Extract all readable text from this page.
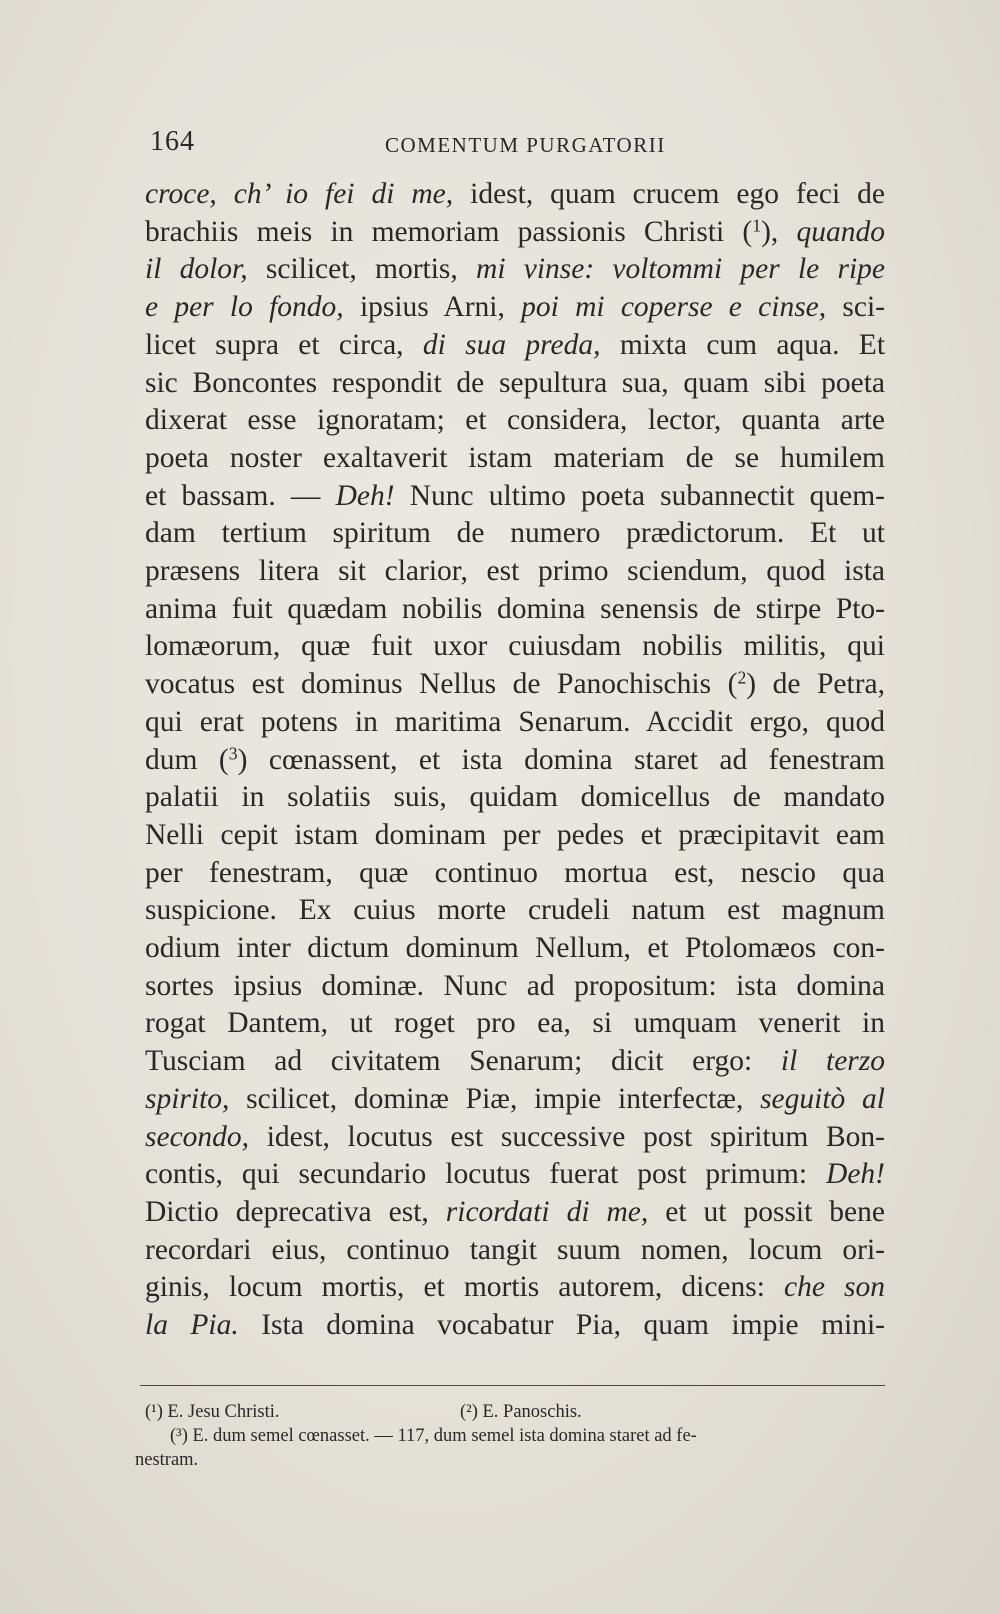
164	COMENTUM PURGATORII
croce, ch’ io fei di me, idest, quam crucem ego feci de
brachiis meis in memoriam passionis Christi ($^1$), quando
il dolor, scilicet, mortis, mi vinse: voltommi per le ripe
e per lo fondo, ipsius Arni, poi mi coperse e cinse, sci-
licet supra et circa, di sua preda, mixta cum aqua. Et
sic Boncontes respondit de sepultura sua, quam sibi poeta
dixerat esse ignoratam; et considera, lector, quanta arte
poeta noster exaltaverit istam materiam de se humilem
et bassam. — Deh! Nunc ultimo poeta subannectit quem-
dam tertium spiritum de numero prædictorum. Et ut
præsens litera sit clarior, est primo sciendum, quod ista
anima fuit quædam nobilis domina senensis de stirpe Pto-
lomæorum, quæ fuit uxor cuiusdam nobilis militis, qui
vocatus est dominus Nellus de Panochischis ($^2$) de Petra,
qui erat potens in maritima Senarum. Accidit ergo, quod
dum ($^3$) cœnassent, et ista domina staret ad fenestram
palatii in solatiis suis, quidam domicellus de mandato
Nelli cepit istam dominam per pedes et præcipitavit eam
per fenestram, quæ continuo mortua est, nescio qua
suspicione. Ex cuius morte crudeli natum est magnum
odium inter dictum dominum Nellum, et Ptolomæos con-
sortes ipsius dominæ. Nunc ad propositum: ista domina
rogat Dantem, ut roget pro ea, si umquam venerit in
Tusciam ad civitatem Senarum; dicit ergo: il terzo
spirito, scilicet, dominæ Piæ, impie interfectæ, seguitò al
secondo, idest, locutus est successive post spiritum Bon-
contis, qui secundario locutus fuerat post primum: Deh!
Dictio deprecativa est, ricordati di me, et ut possit bene
recordari eius, continuo tangit suum nomen, locum ori-
ginis, locum mortis, et mortis autorem, dicens: che son
la Pia. Ista domina vocabatur Pia, quam impie mini-
(¹) E. Jesu Christi.	(²) E. Panoschis.
(³) E. dum semel cœnasset. — 117, dum semel ista domina staret ad fe-
nestram.
